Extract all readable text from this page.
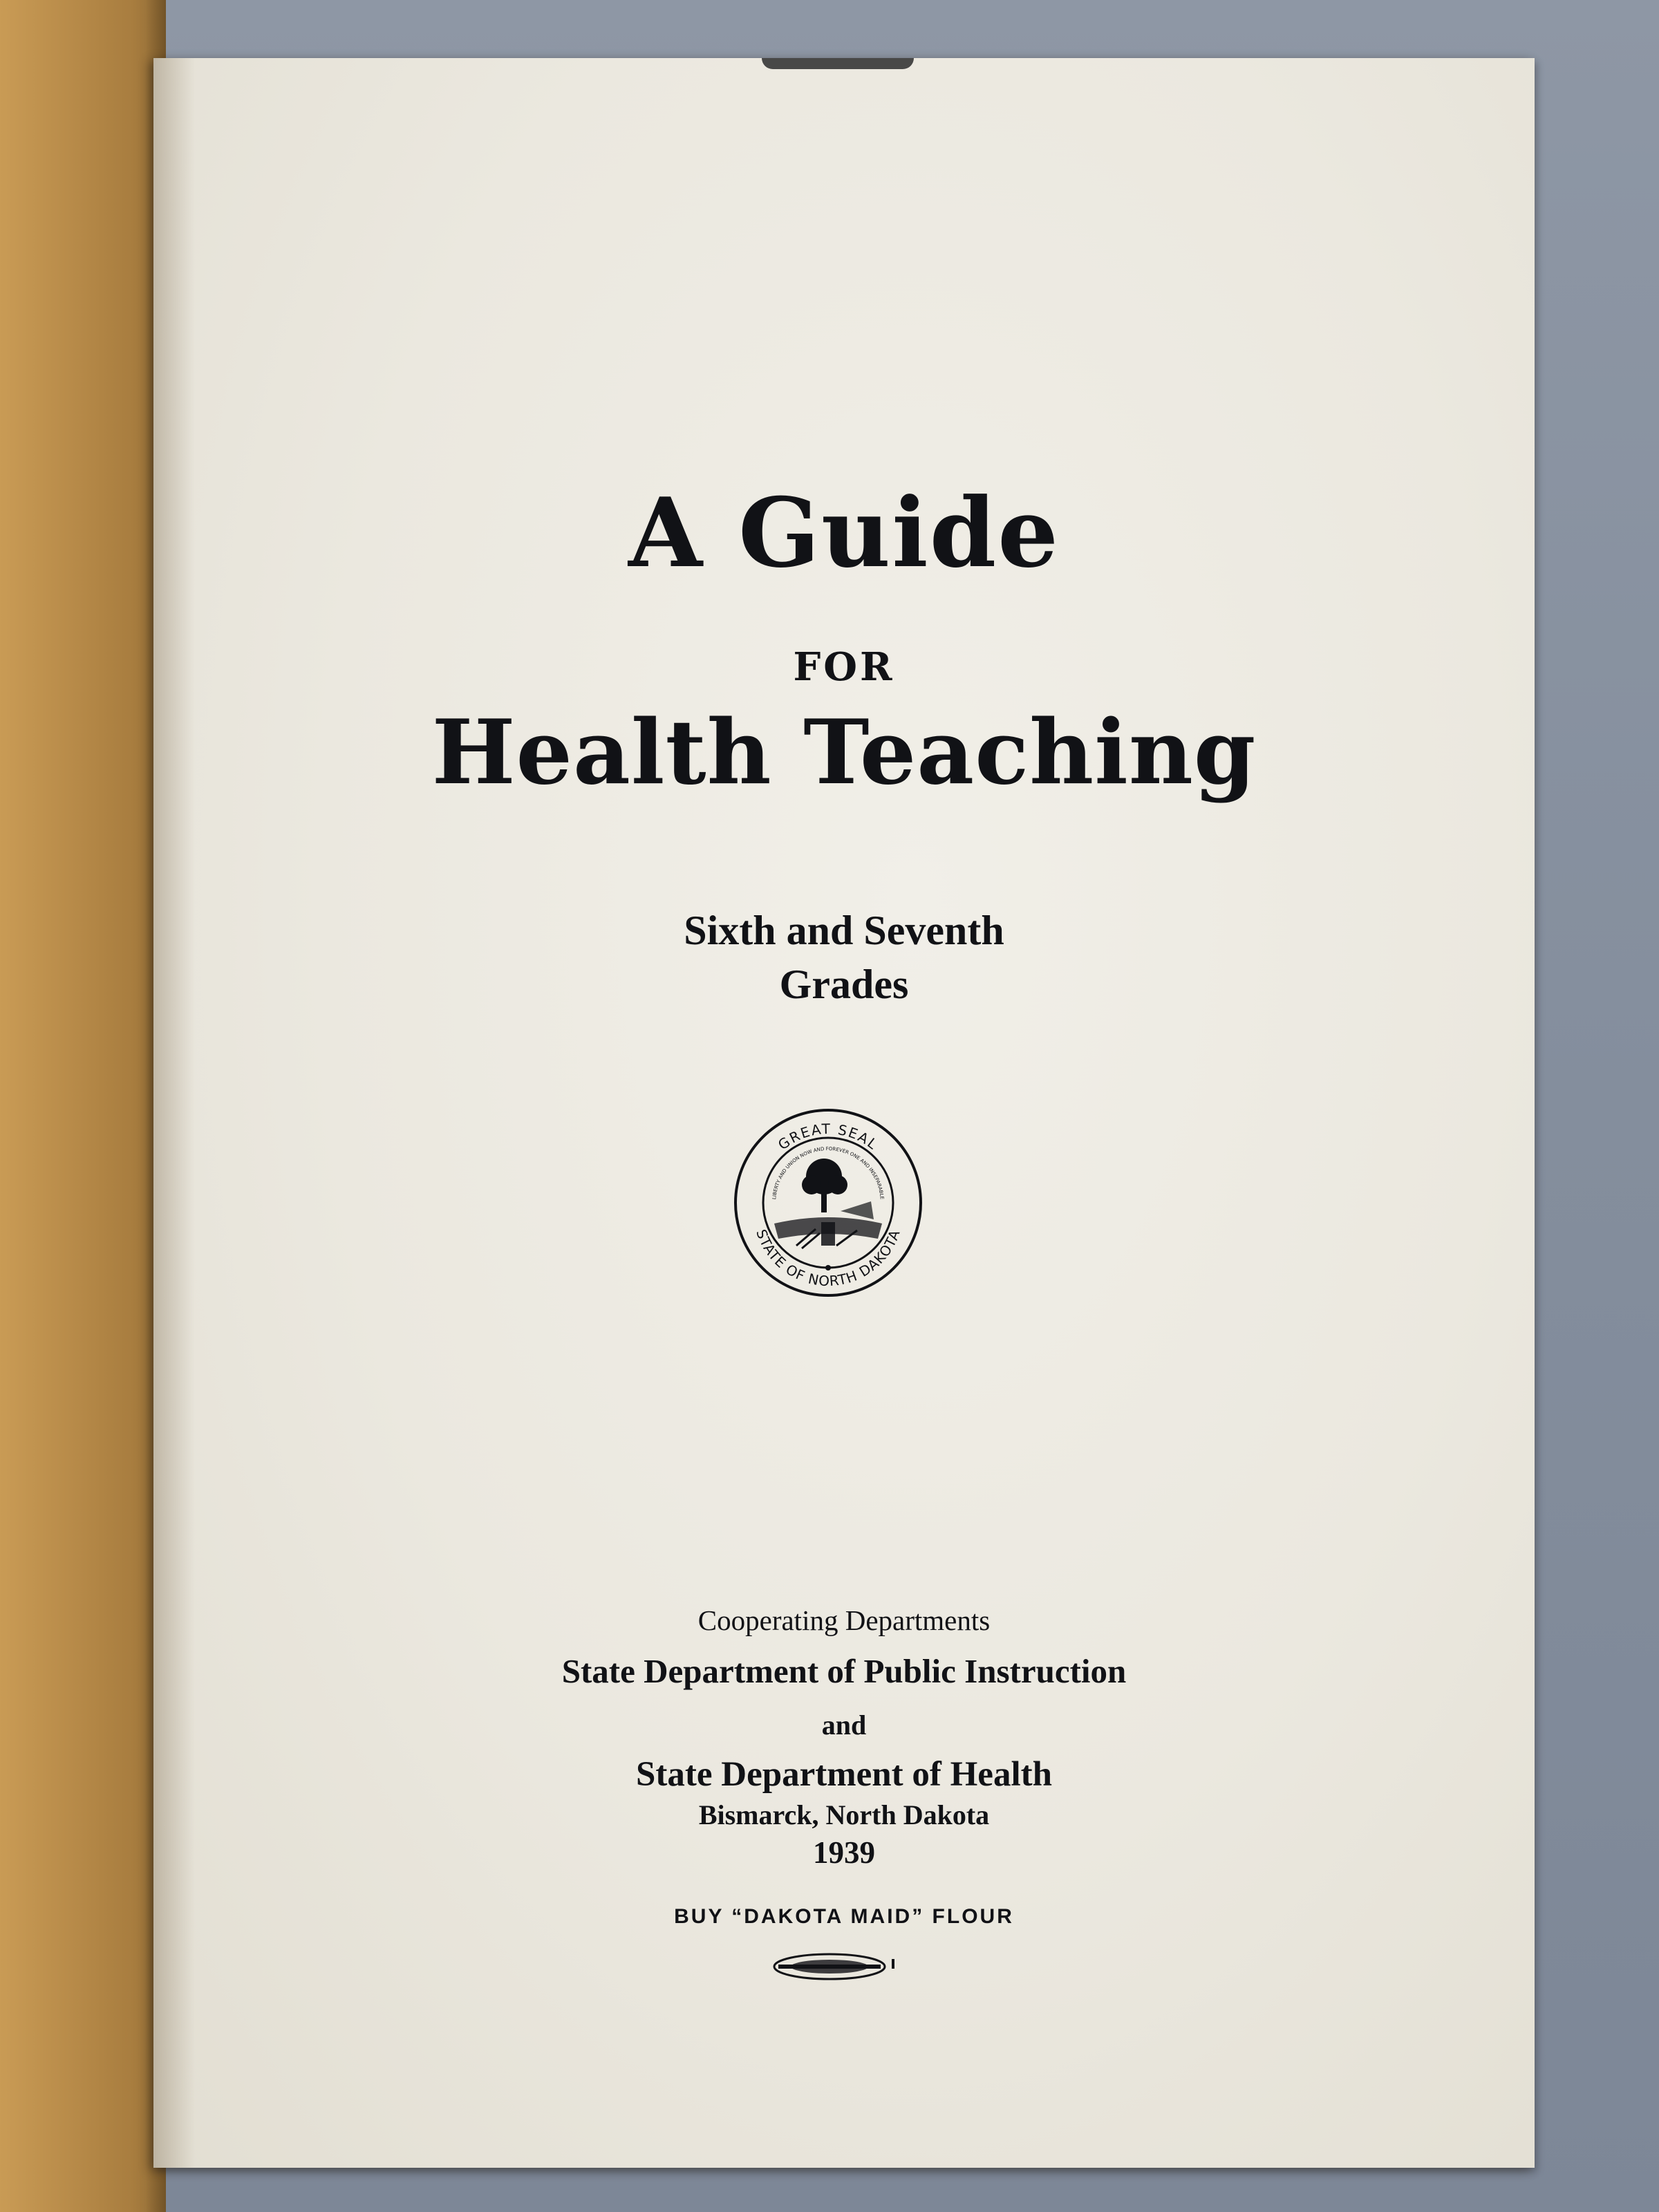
A Guide

FOR

Health Teaching

Sixth and Seventh

Grades

GREAT SEAL
STATE OF NORTH DAKOTA
LIBERTY AND UNION NOW AND FOREVER ONE AND INSEPARABLE

Cooperating Departments

State Department of Public Instruction

and

State Department of Health

Bismarck, North Dakota

1939

BUY “DAKOTA MAID” FLOUR
